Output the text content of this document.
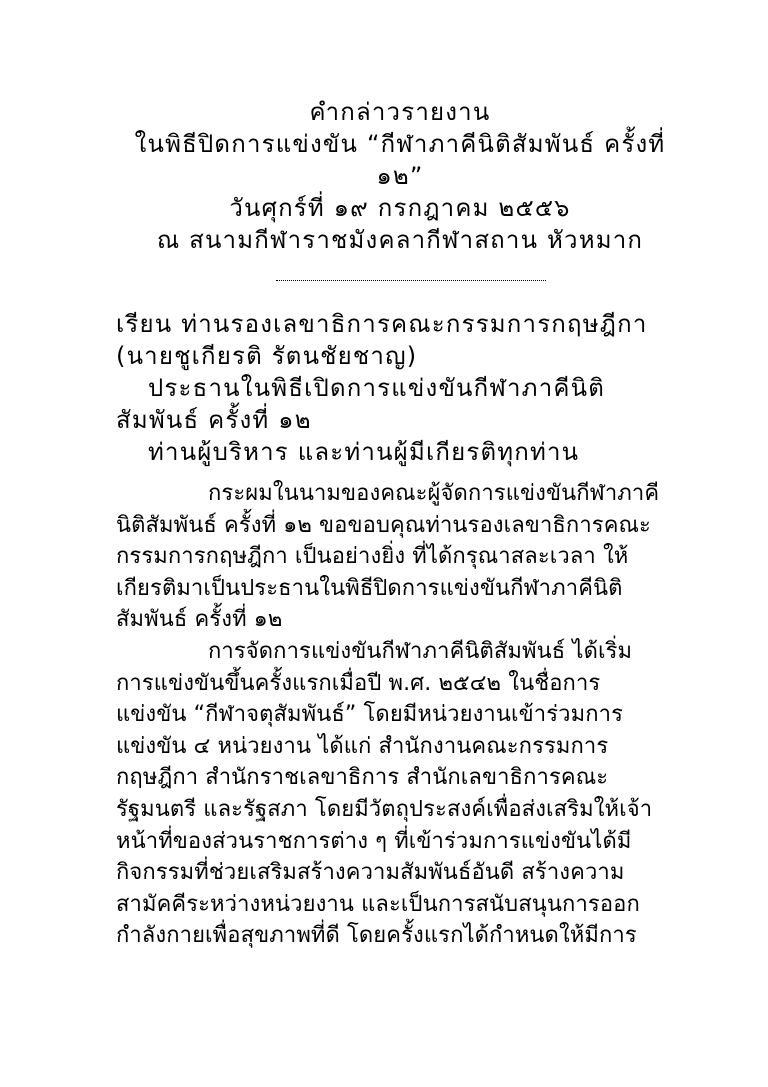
คำกล่าวรายงาน
ในพิธีปิดการแข่งขัน “กีฬาภาคีนิติสัมพันธ์ ครั้งที่
๑๒”
วันศุกร์ที่ ๑๙ กรกฎาคม ๒๕๕๖
ณ สนามกีฬาราชมังคลากีฬาสถาน หัวหมาก
เรียน ท่านรองเลขาธิการคณะกรรมการกฤษฎีกา
(นายชูเกียรติ รัตนชัยชาญ)
ประธานในพิธีเปิดการแข่งขันกีฬาภาคีนิติ
สัมพันธ์ ครั้งที่ ๑๒
ท่านผู้บริหาร และท่านผู้มีเกียรติทุกท่าน
กระผมในนามของคณะผู้จัดการแข่งขันกีฬาภาคี
นิติสัมพันธ์ ครั้งที่ ๑๒ ขอขอบคุณท่านรองเลขาธิการคณะ
กรรมการกฤษฎีกา เป็นอย่างยิ่ง ที่ได้กรุณาสละเวลา ให้
เกียรติมาเป็นประธานในพิธีปิดการแข่งขันกีฬาภาคีนิติ
สัมพันธ์ ครั้งที่ ๑๒
การจัดการแข่งขันกีฬาภาคีนิติสัมพันธ์ ได้เริ่ม
การแข่งขันขึ้นครั้งแรกเมื่อปี พ.ศ. ๒๕๔๒ ในชื่อการ
แข่งขัน “กีฬาจตุสัมพันธ์” โดยมีหน่วยงานเข้าร่วมการ
แข่งขัน ๔ หน่วยงาน ได้แก่ สำนักงานคณะกรรมการ
กฤษฎีกา สำนักราชเลขาธิการ สำนักเลขาธิการคณะ
รัฐมนตรี และรัฐสภา โดยมีวัตถุประสงค์เพื่อส่งเสริมให้เจ้า
หน้าที่ของส่วนราชการต่าง ๆ ที่เข้าร่วมการแข่งขันได้มี
กิจกรรมที่ช่วยเสริมสร้างความสัมพันธ์อันดี สร้างความ
สามัคคีระหว่างหน่วยงาน และเป็นการสนับสนุนการออก
กำลังกายเพื่อสุขภาพที่ดี โดยครั้งแรกได้กำหนดให้มีการ
